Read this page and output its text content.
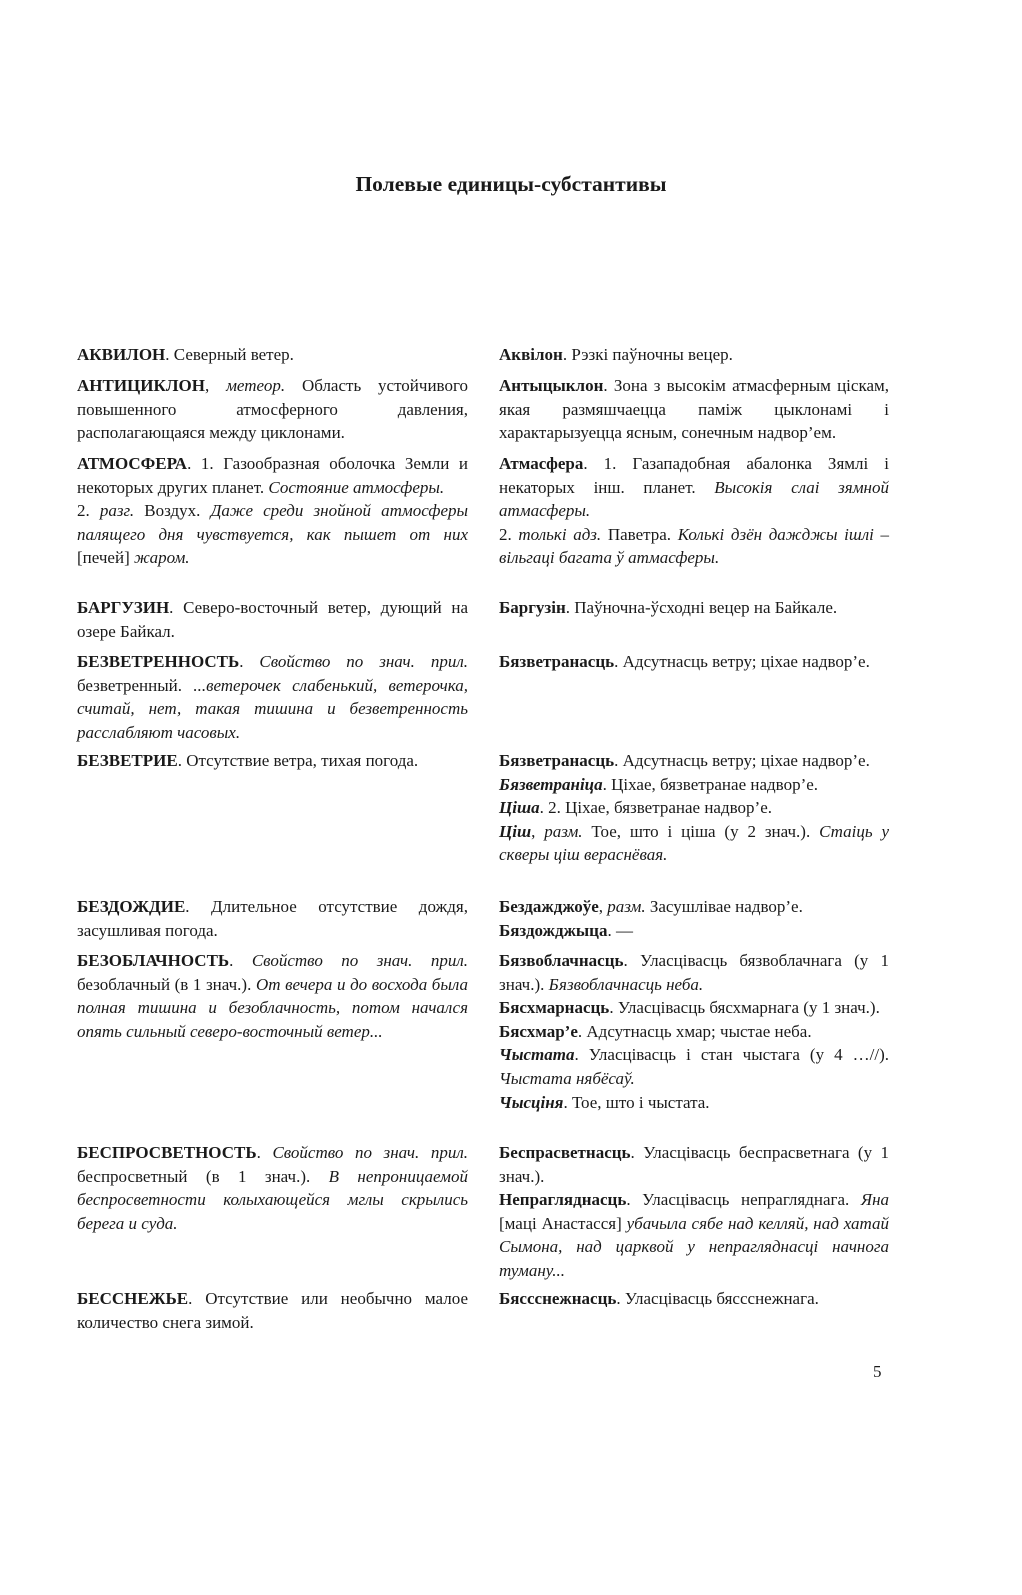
Полевые единицы-субстантивы

АКВИЛОН. Северный ветер.	Аквілон. Рэзкі паўночны вецер.

АНТИЦИКЛОН, метеор. Область устойчивого повышенного атмосферного давления, располагающаяся между циклонами.

Антыцыклон. Зона з высокім атмасферным ціскам, якая размяшчаецца паміж цыклонамі і характарызуецца ясным, сонечным надвор’ем.

АТМОСФЕРА. 1. Газообразная оболочка Земли и некоторых других планет. Состояние атмосферы.

2. разг. Воздух. Даже среди знойной атмосферы палящего дня чувствуется, как пышет от них [печей] жаром.

Атмасфера. 1. Газападобная абалонка Зямлі і некаторых інш. планет. Высокія слаі зямной атмасферы.

2. толькі адз. Паветра. Колькі дзён дажджы ішлі – вільгаці багата ў атмасферы.

БАРГУЗИН. Северо-восточный ветер, дующий на озере Байкал.

Баргузін. Паўночна-ўсходні вецер на Байкале.

БЕЗВЕТРЕННОСТЬ. Свойство по знач. прил. безветренный. ...ветерочек слабенький, ветерочка, считай, нет, такая тишина и безветренность расслабляют часовых.

Бязветранасць. Адсутнасць ветру; ціхае надвор’е.

БЕЗВЕТРИЕ. Отсутствие ветра, тихая погода.	Бязветранасць. Адсутнасць ветру; ціхае надвор’е.

Бязветраніца. Ціхае, бязветранае надвор’е.

Ціша. 2. Ціхае, бязветранае надвор’е.

Ціш, разм. Тое, што і ціша (у 2 знач.). Стаіць у скверы ціш вераснёвая.

БЕЗДОЖДИЕ. Длительное отсутствие дождя, засушливая погода.

Бездажджоўе, разм. Засушлівае надвор’е.

Бяздожджыца. —

БЕЗОБЛАЧНОСТЬ. Свойство по знач. прил. безоблачный (в 1 знач.). От вечера и до восхода была полная тишина и безоблачность, потом начался опять сильный северо-восточный ветер...

Бязвоблачнасць. Уласцівасць бязвоблачнага (у 1 знач.). Бязвоблачнасць неба.

Бясхмарнасць. Уласцівасць бясхмарнага (у 1 знач.).

Бясхмар’е. Адсутнасць хмар; чыстае неба.

Чыстата. Уласцівасць і стан чыстага (у 4 …//). Чыстата нябёсаў.

Чысціня. Тое, што і чыстата.

БЕСПРОСВЕТНОСТЬ. Свойство по знач. прил. беспросветный (в 1 знач.). В непроницаемой беспросветности колыхающейся мглы скрылись берега и суда.

Беспрасветнасць. Уласцівасць беспрасветнага (у 1 знач.).

Непрагляднасць. Уласцівасць непрагляднага. Яна [маці Анастасся] убачыла сябе над келляй, над хатай Сымона, над царквой у непрагляднасці начнога туману...

БЕССНЕЖЬЕ. Отсутствие или необычно малое количество снега зимой.

Бяссснежнасць. Уласцівасць бяссснежнага.

5
